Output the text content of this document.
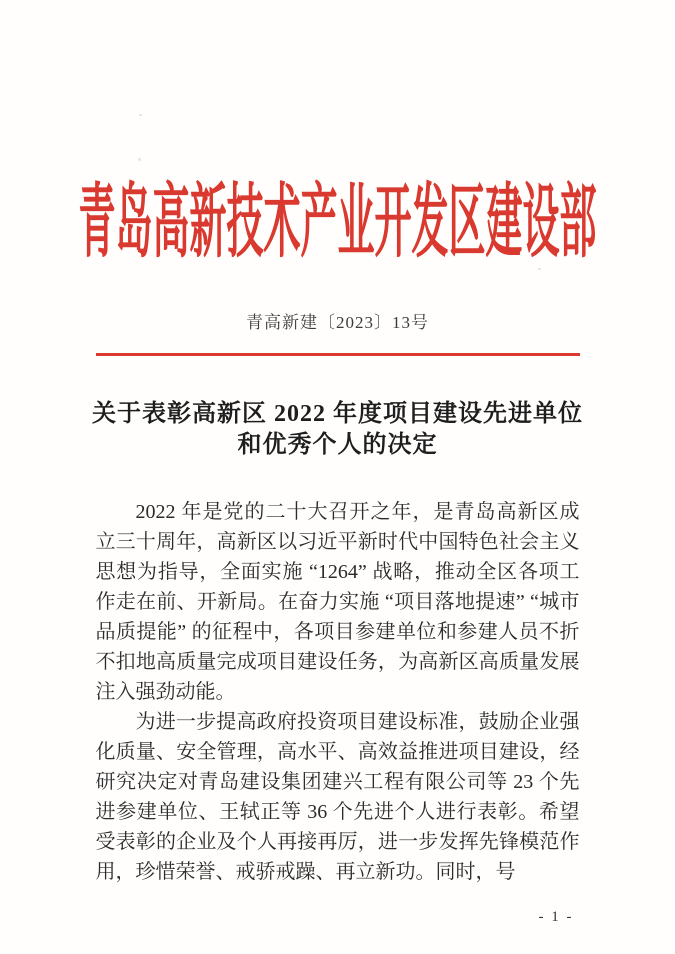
青岛高新技术产业开发区建设部
青高新建〔2023〕13号
关于表彰高新区 2022 年度项目建设先进单位
和优秀个人的决定

2022 年是党的二十大召开之年，是青岛高新区成立三十周年，高新区以习近平新时代中国特色社会主义思想为指导，全面实施 “1264” 战略，推动全区各项工作走在前、开新局。在奋力实施 “项目落地提速” “城市品质提能” 的征程中，各项目参建单位和参建人员不折不扣地高质量完成项目建设任务，为高新区高质量发展注入强劲动能。

为进一步提高政府投资项目建设标准，鼓励企业强化质量、安全管理，高水平、高效益推进项目建设，经研究决定对青岛建设集团建兴工程有限公司等 23 个先进参建单位、王轼正等 36 个先进个人进行表彰。希望受表彰的企业及个人再接再厉，进一步发挥先锋模范作用，珍惜荣誉、戒骄戒躁、再立新功。同时，号

- 1 -
